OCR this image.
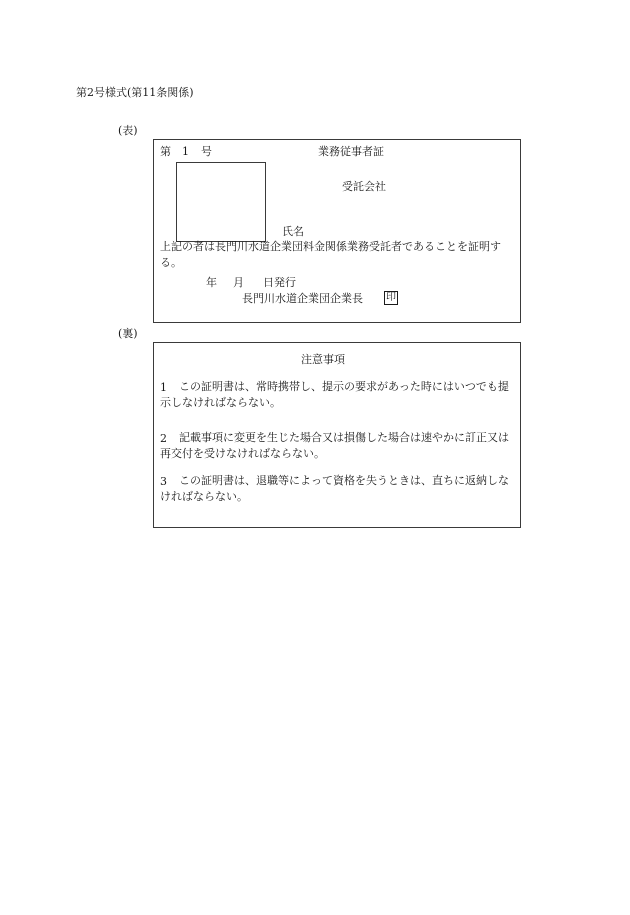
第2号様式(第11条関係)
(表)
第 1 号	業務従事者証
受託会社
氏名
上記の者は長門川水道企業団料金関係業務受託者であることを証明する。
年 月 日発行
長門川水道企業団企業長 印
(裏)
注意事項
1	この証明書は、常時携帯し、提示の要求があった時にはいつでも提示しなければならない。
2	記載事項に変更を生じた場合又は損傷した場合は速やかに訂正又は再交付を受けなければならない。
3	この証明書は、退職等によって資格を失うときは、直ちに返納しなければならない。
